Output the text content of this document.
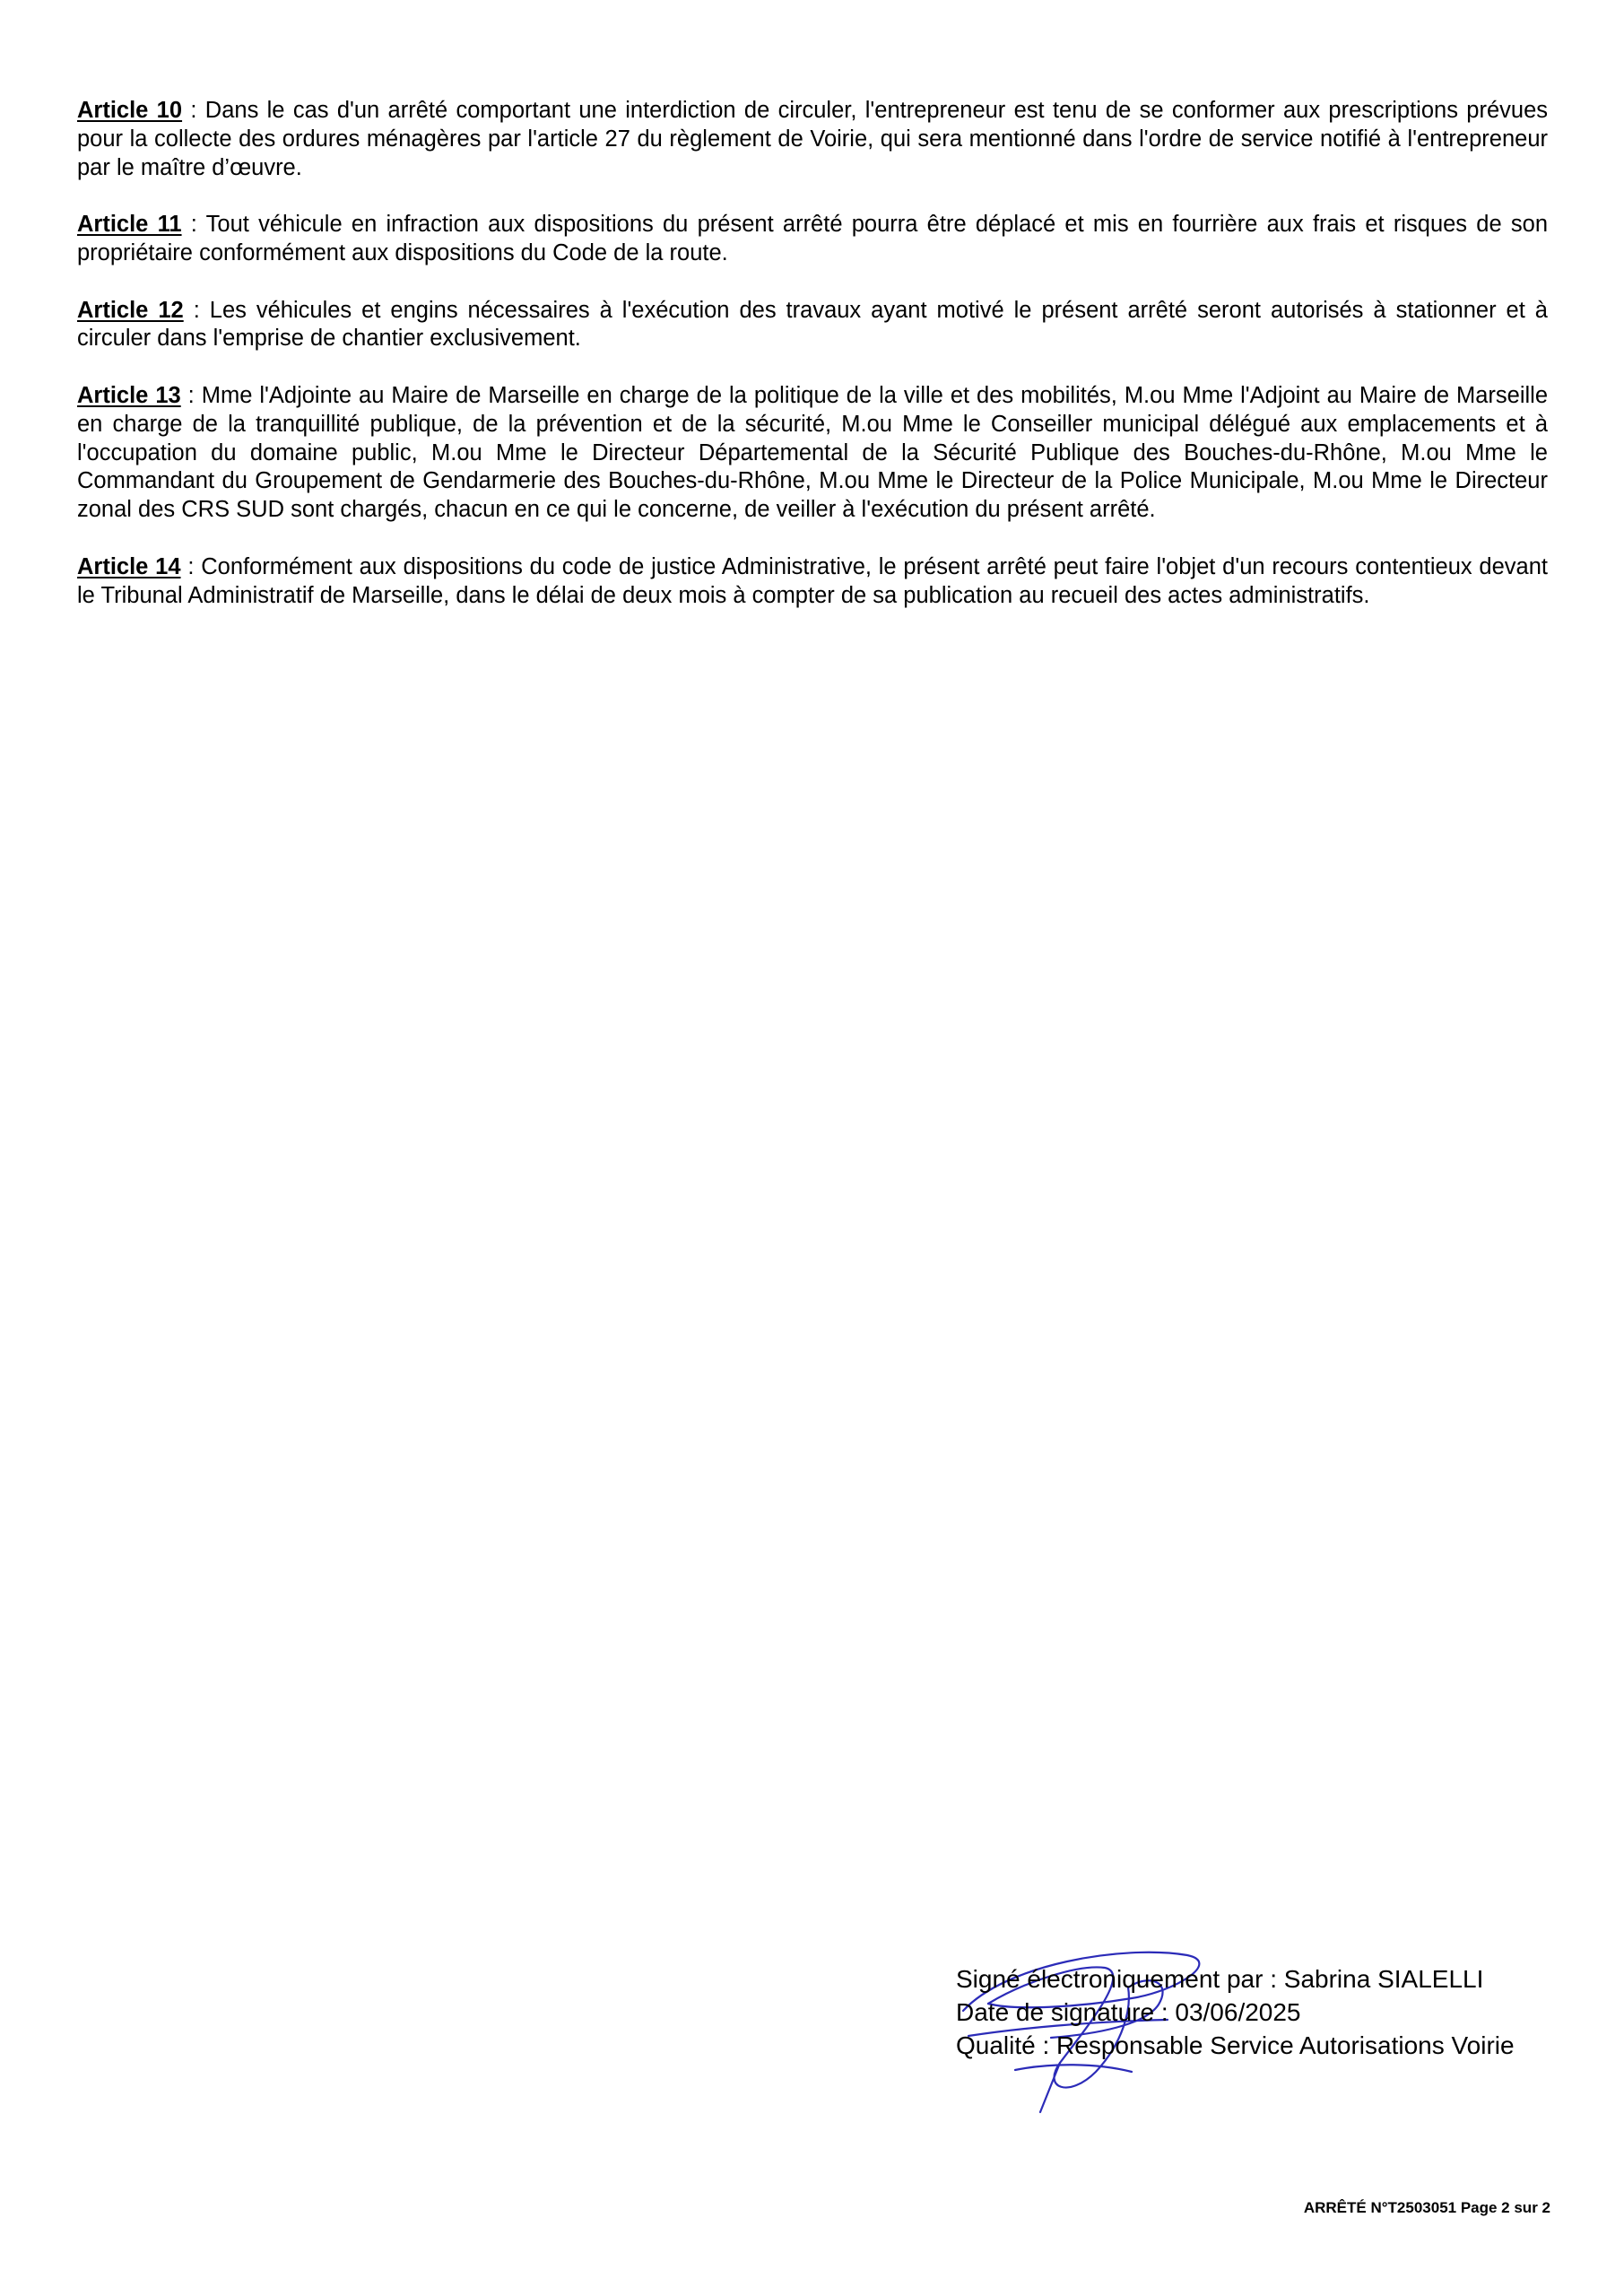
Article 10 : Dans le cas d'un arrêté comportant une interdiction de circuler, l'entrepreneur est tenu de se conformer aux prescriptions prévues pour la collecte des ordures ménagères par l'article 27 du règlement de Voirie, qui sera mentionné dans l'ordre de service notifié à l'entrepreneur par le maître d’œuvre.

Article 11 : Tout véhicule en infraction aux dispositions du présent arrêté pourra être déplacé et mis en fourrière aux frais et risques de son propriétaire conformément aux dispositions du Code de la route.

Article 12 : Les véhicules et engins nécessaires à l'exécution des travaux ayant motivé le présent arrêté seront autorisés à stationner et à circuler dans l'emprise de chantier exclusivement.

Article 13 : Mme l'Adjointe au Maire de Marseille en charge de la politique de la ville et des mobilités, M.ou Mme l'Adjoint au Maire de Marseille en charge de la tranquillité publique, de la prévention et de la sécurité, M.ou Mme le Conseiller municipal délégué aux emplacements et à l'occupation du domaine public, M.ou Mme le Directeur Départemental de la Sécurité Publique des Bouches-du-Rhône, M.ou Mme le Commandant du Groupement de Gendarmerie des Bouches-du-Rhône, M.ou Mme le Directeur de la Police Municipale, M.ou Mme le Directeur zonal des CRS SUD sont chargés, chacun en ce qui le concerne, de veiller à l'exécution du présent arrêté.

Article 14 : Conformément aux dispositions du code de justice Administrative, le présent arrêté peut faire l'objet d'un recours contentieux devant le Tribunal Administratif de Marseille, dans le délai de deux mois à compter de sa publication au recueil des actes administratifs.

Signé électroniquement par : Sabrina SIALELLI
Date de signature : 03/06/2025
Qualité : Responsable Service Autorisations Voirie
ARRÊTÉ N°T2503051 Page 2 sur 2
